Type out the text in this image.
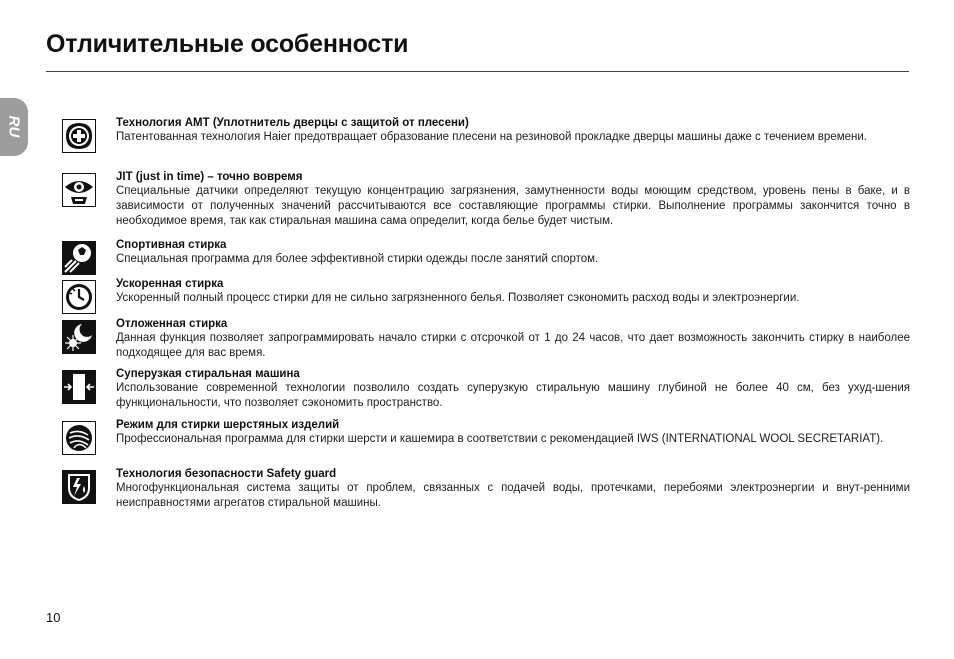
Отличительные особенности
RU	Технология АМТ (Уплотнитель дверцы с защитой от плесени)
Патентованная технология Haier предотвращает образование плесени на резиновой прокладке дверцы машины даже с течением времени.
JIT (just in time) – точно вовремя
Специальные датчики определяют текущую концентрацию загрязнения, замутненности воды моющим средством, уровень пены в баке, и в зависимости от полученных значений рассчитываются все составляющие программы стирки. Выполнение программы закончится точно в необходимое время, так как стиральная машина сама определит, когда белье будет чистым.
Спортивная стирка
Специальная программа для более эффективной стирки одежды после занятий спортом.
Ускоренная стирка
Ускоренный полный процесс стирки для не сильно загрязненного белья. Позволяет сэкономить расход воды и электроэнергии.
Отложенная стирка
Данная функция позволяет запрограммировать начало стирки с отсрочкой от 1 до 24 часов, что дает возможность закончить стирку в наиболее подходящее для вас время.
Суперузкая стиральная машина
Использование современной технологии позволило создать суперузкую стиральную машину глубиной не более 40 см, без ухуд-шения функциональности, что позволяет сэкономить пространство.
Режим для стирки шерстяных изделий
Профессиональная программа для стирки шерсти и кашемира в соответствии с рекомендацией IWS (INTERNATIONAL WOOL SECRETARIAT).
Технология безопасности Safety guard
Многофункциональная система защиты от проблем, связанных с подачей воды, протечками, перебоями электроэнергии и внут-ренними неисправностями агрегатов стиральной машины.
10
